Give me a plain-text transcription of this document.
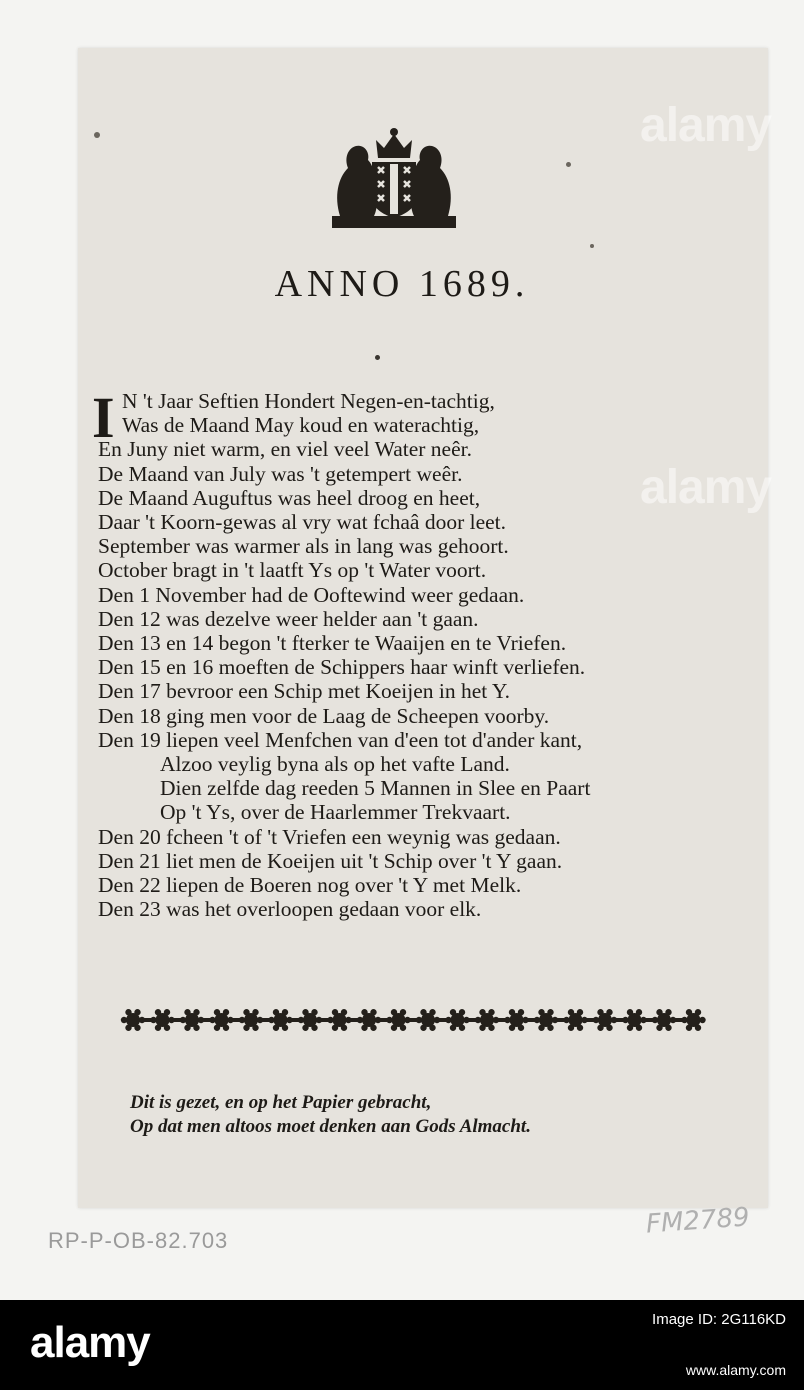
ANNO 1689.
I N 't Jaar Seftien Hondert Negen-en-tachtig,
Was de Maand May koud en waterachtig,
En Juny niet warm, en viel veel Water neêr.
De Maand van July was 't getempert weêr.
De Maand Auguftus was heel droog en heet,
Daar 't Koorn-gewas al vry wat fchaâ door leet.
September was warmer als in lang was gehoort.
October bragt in 't laatft Ys op 't Water voort.
Den 1 November had de Ooftewind weer gedaan.
Den 12 was dezelve weer helder aan 't gaan.
Den 13 en 14 begon 't fterker te Waaijen en te Vriefen.
Den 15 en 16 moeften de Schippers haar winft verliefen.
Den 17 bevroor een Schip met Koeijen in het Y.
Den 18 ging men voor de Laag de Scheepen voorby.
Den 19 liepen veel Menfchen van d'een tot d'ander kant,
Alzoo veylig byna als op het vafte Land.
Dien zelfde dag reeden 5 Mannen in Slee en Paart
Op 't Ys, over de Haarlemmer Trekvaart.
Den 20 fcheen 't of 't Vriefen een weynig was gedaan.
Den 21 liet men de Koeijen uit 't Schip over 't Y gaan.
Den 22 liepen de Boeren nog over 't Y met Melk.
Den 23 was het overloopen gedaan voor elk.
Dit is gezet, en op het Papier gebracht,
Op dat men altoos moet denken aan Gods Almacht.
RP-P-OB-82.703
FM2789
alamy
alamy
alamy	Image ID: 2G116KD
www.alamy.com
